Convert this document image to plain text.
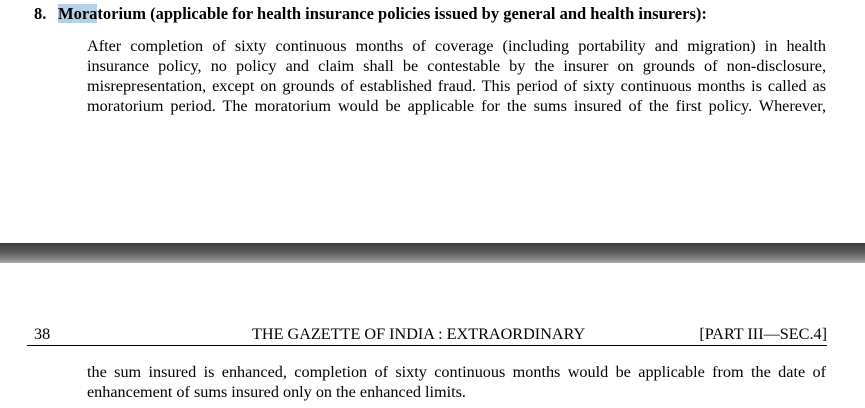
8. Moratorium (applicable for health insurance policies issued by general and health insurers):
After completion of sixty continuous months of coverage (including portability and migration) in health
insurance policy, no policy and claim shall be contestable by the insurer on grounds of non-disclosure,
misrepresentation, except on grounds of established fraud. This period of sixty continuous months is called as
moratorium period. The moratorium would be applicable for the sums insured of the first policy. Wherever,
38	THE GAZETTE OF INDIA : EXTRAORDINARY	[PART III—SEC.4]
the sum insured is enhanced, completion of sixty continuous months would be applicable from the date of
enhancement of sums insured only on the enhanced limits.
